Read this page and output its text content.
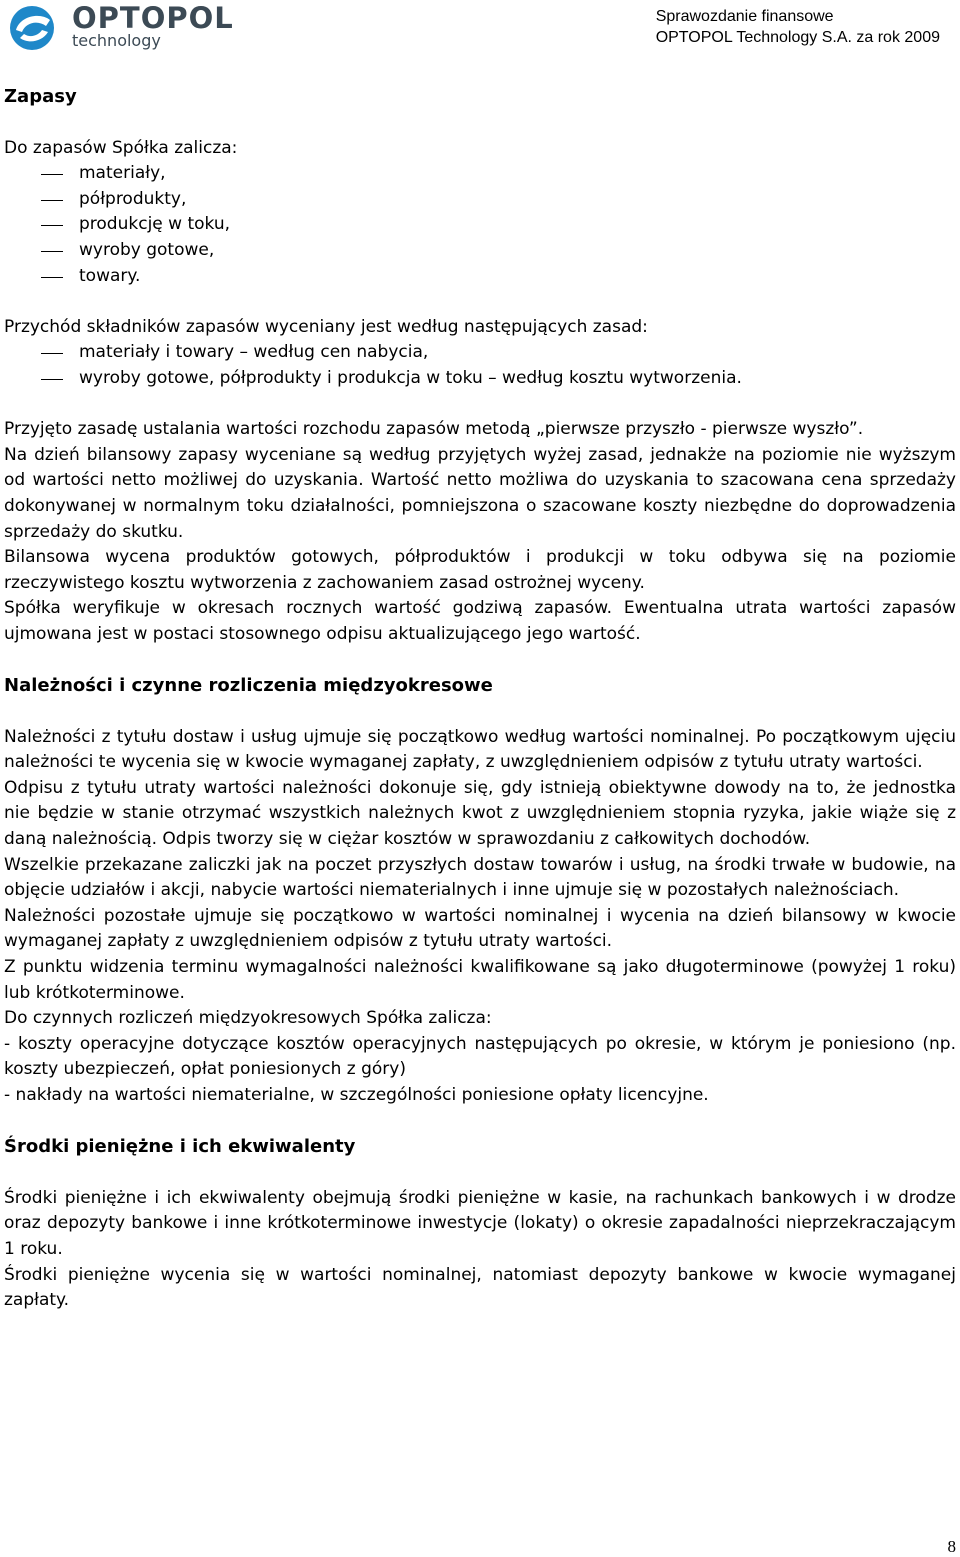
OPTOPOL
technology
Sprawozdanie finansowe
OPTOPOL Technology S.A. za rok 2009
Zapasy

Do zapasów Spółka zalicza:

materiały,
półprodukty,
produkcję w toku,
wyroby gotowe,
towary.

Przychód składników zapasów wyceniany jest według następujących zasad:

materiały i towary – według cen nabycia,
wyroby gotowe, półprodukty i produkcja w toku – według kosztu wytworzenia.

Przyjęto zasadę ustalania wartości rozchodu zapasów metodą „pierwsze przyszło - pierwsze wyszło”.

Na dzień bilansowy zapasy wyceniane są według przyjętych wyżej zasad, jednakże na poziomie nie wyższym od wartości netto możliwej do uzyskania. Wartość netto możliwa do uzyskania to szacowana cena sprzedaży dokonywanej w normalnym toku działalności, pomniejszona o szacowane koszty niezbędne do doprowadzenia sprzedaży do skutku.

Bilansowa wycena produktów gotowych, półproduktów i produkcji w toku odbywa się na poziomie rzeczywistego kosztu wytworzenia z zachowaniem zasad ostrożnej wyceny.

Spółka weryfikuje w okresach rocznych wartość godziwą zapasów. Ewentualna utrata wartości zapasów ujmowana jest w postaci stosownego odpisu aktualizującego jego wartość.

Należności i czynne rozliczenia międzyokresowe

Należności z tytułu dostaw i usług ujmuje się początkowo według wartości nominalnej. Po początkowym ujęciu należności te wycenia się w kwocie wymaganej zapłaty, z uwzględnieniem odpisów z tytułu utraty wartości.

Odpisu z tytułu utraty wartości należności dokonuje się, gdy istnieją obiektywne dowody na to, że jednostka nie będzie w stanie otrzymać wszystkich należnych kwot z uwzględnieniem stopnia ryzyka, jakie wiąże się z daną należnością. Odpis tworzy się w ciężar kosztów w sprawozdaniu z całkowitych dochodów.

Wszelkie przekazane zaliczki jak na poczet przyszłych dostaw towarów i usług, na środki trwałe w budowie, na objęcie udziałów i akcji, nabycie wartości niematerialnych i inne ujmuje się w pozostałych należnościach.

Należności pozostałe ujmuje się początkowo w wartości nominalnej i wycenia na dzień bilansowy w kwocie wymaganej zapłaty z uwzględnieniem odpisów z tytułu utraty wartości.

Z punktu widzenia terminu wymagalności należności kwalifikowane są jako długoterminowe (powyżej 1 roku) lub krótkoterminowe.

Do czynnych rozliczeń międzyokresowych Spółka zalicza:

- koszty operacyjne dotyczące kosztów operacyjnych następujących po okresie, w którym je poniesiono (np. koszty ubezpieczeń, opłat poniesionych z góry)

- nakłady na wartości niematerialne, w szczególności poniesione opłaty licencyjne.

Środki pieniężne i ich ekwiwalenty

Środki pieniężne i ich ekwiwalenty obejmują środki pieniężne w kasie, na rachunkach bankowych i w drodze oraz depozyty bankowe i inne krótkoterminowe inwestycje (lokaty) o okresie zapadalności nieprzekraczającym 1 roku.

Środki pieniężne wycenia się w wartości nominalnej, natomiast depozyty bankowe w kwocie wymaganej zapłaty.

8
